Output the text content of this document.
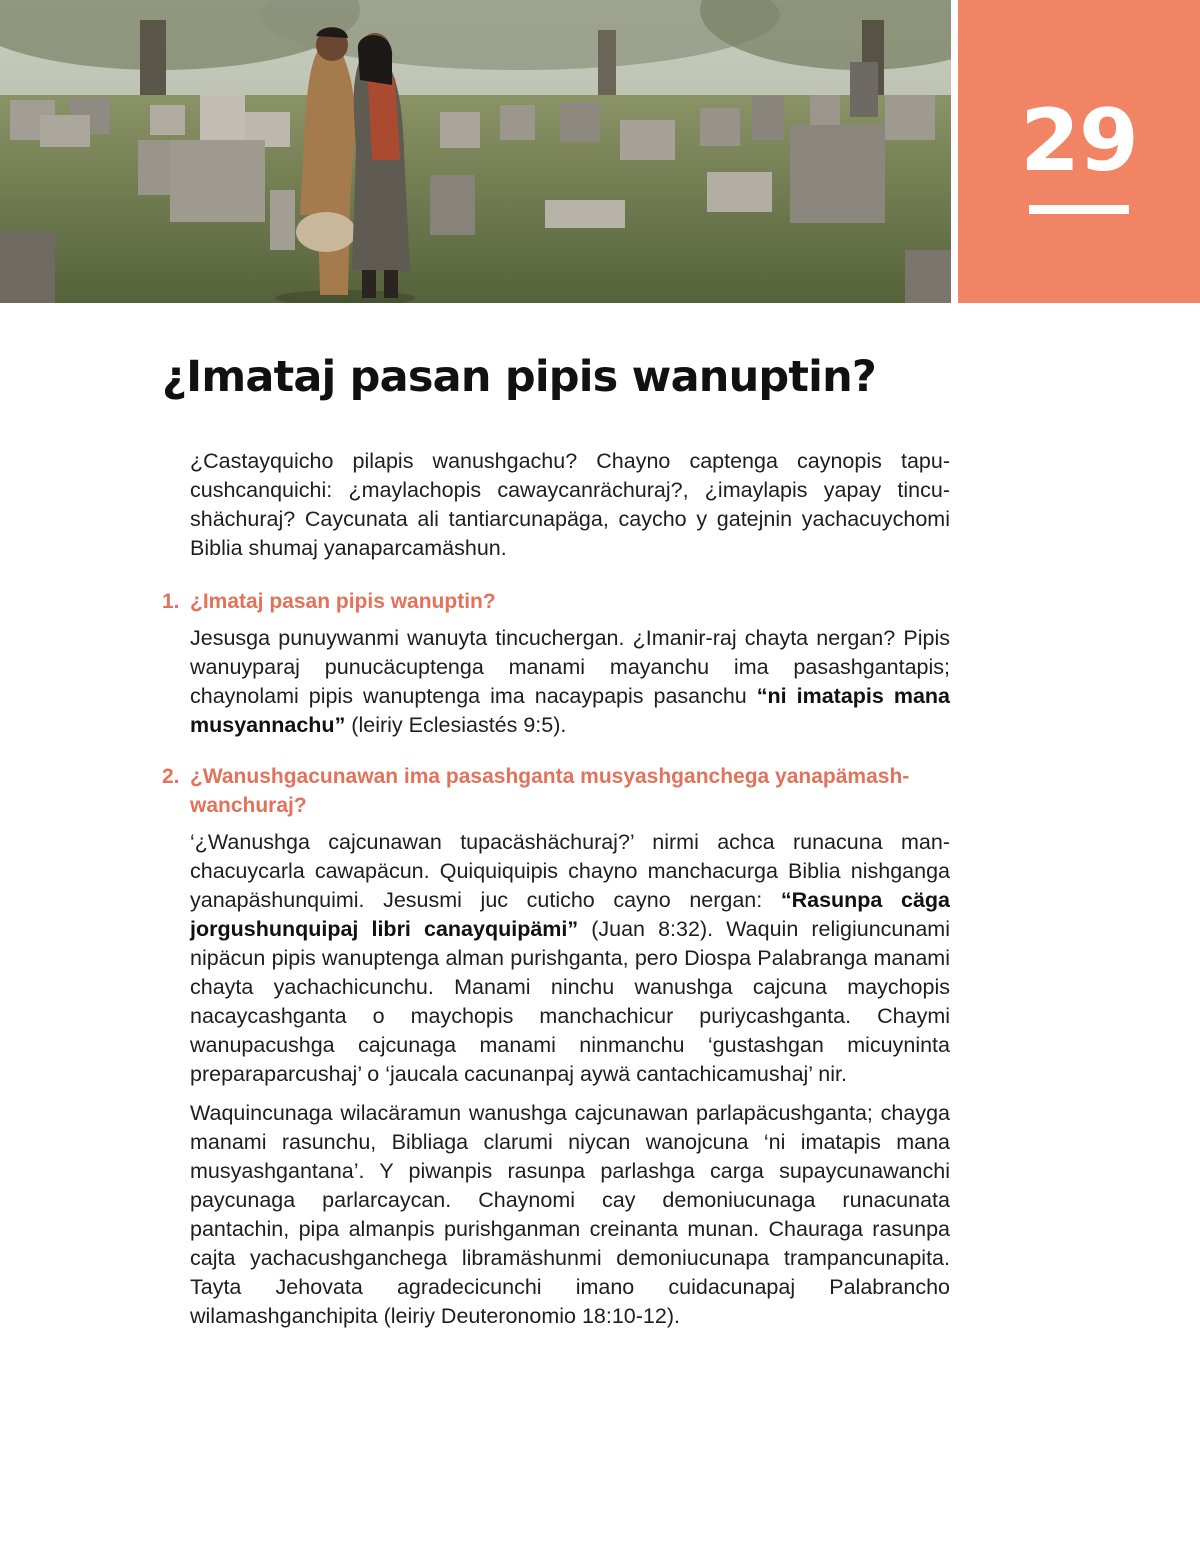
29
¿Imataj pasan pipis wanuptin?

¿Castayquicho pilapis wanushgachu? Chayno captenga caynopis tapucushcanquichi: ¿maylachopis cawaycanrächuraj?, ¿imaylapis yapay tincushächuraj? Caycunata ali tantiarcunapäga, caycho y gatejnin yachacuychomi Biblia shumaj yanaparcamäshun.

1. ¿Imataj pasan pipis wanuptin?

Jesusga punuywanmi wanuyta tincuchergan. ¿Imanir-raj chayta nergan? Pipis wanuyparaj punucäcuptenga manami mayanchu ima pasashgantapis; chaynolami pipis wanuptenga ima nacaypapis pasanchu “ni imatapis mana musyannachu” (leiriy Eclesiastés 9:5).

2. ¿Wanushgacunawan ima pasashganta musyashganchega yanapämashwanchuraj?

‘¿Wanushga cajcunawan tupacäshächuraj?’ nirmi achca runacuna manchacuycarla cawapäcun. Quiquiquipis chayno manchacurga Biblia nishganga yanapäshunquimi. Jesusmi juc cuticho cayno nergan: “Rasunpa cäga jorgushunquipaj libri canayquipämi” (Juan 8:32). Waquin religiuncunami nipäcun pipis wanuptenga alman purishganta, pero Diospa Palabranga manami chayta yachachicunchu. Manami ninchu wanushga cajcuna maychopis nacaycashganta o maychopis manchachicur puriycashganta. Chaymi wanupacushga cajcunaga manami ninmanchu ‘gustashgan micuyninta preparaparcushaj’ o ‘jaucala cacunanpaj aywä cantachicamushaj’ nir.

Waquincunaga wilacäramun wanushga cajcunawan parlapäcushganta; chayga manami rasunchu, Bibliaga clarumi niycan wanojcuna ‘ni imatapis mana musyashgantana’. Y piwanpis rasunpa parlashga carga supaycunawanchi paycunaga parlarcaycan. Chaynomi cay demoniucunaga runacunata pantachin, pipa almanpis purishganman creinanta munan. Chauraga rasunpa cajta yachacushganchega libramäshunmi demoniucunapa trampancunapita. Tayta Jehovata agradecicunchi imano cuidacunapaj Palabrancho wilamashganchipita (leiriy Deuteronomio 18:10-12).
